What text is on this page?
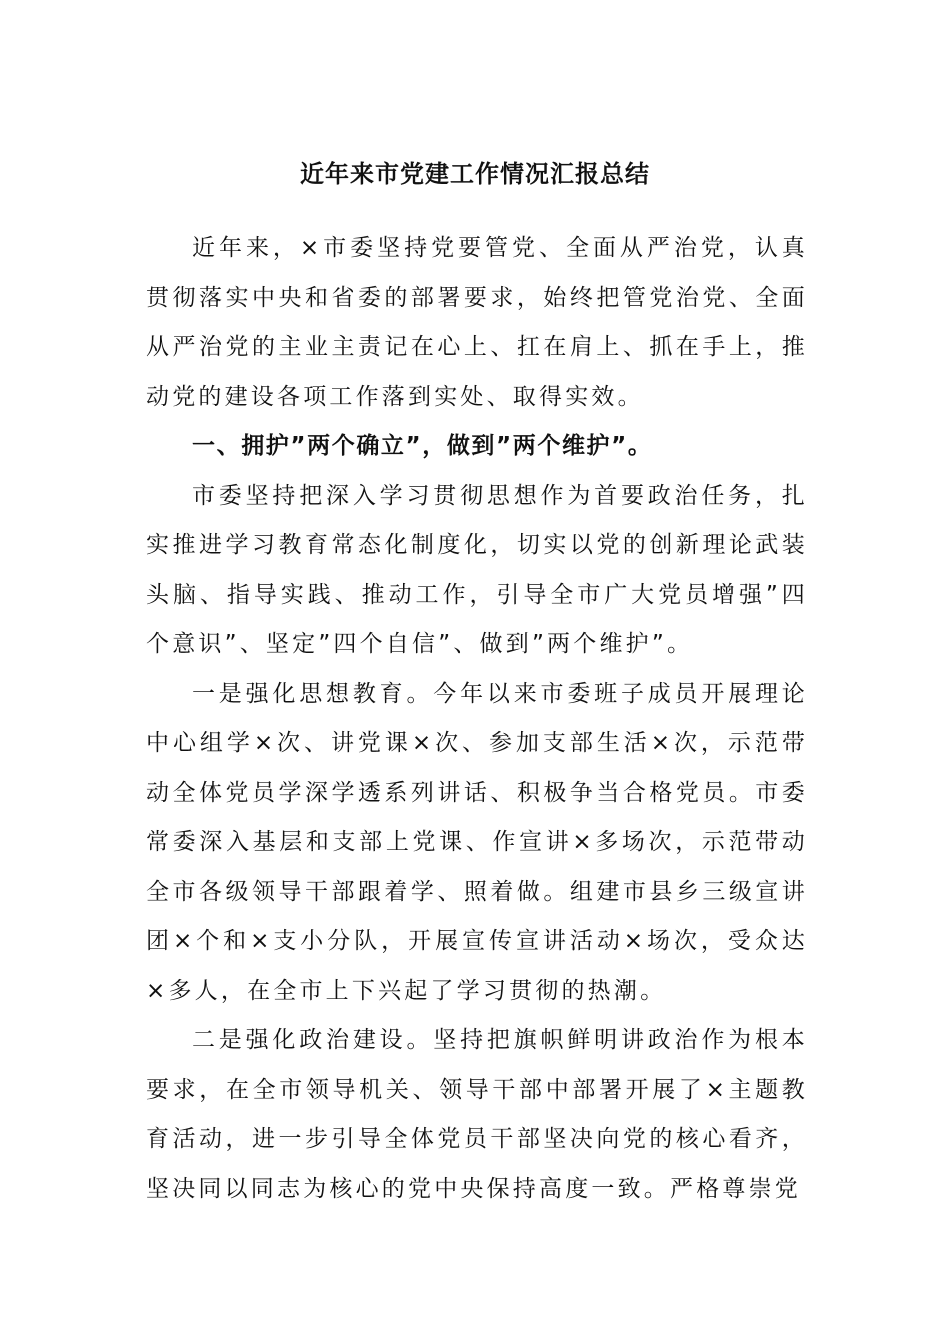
近年来市党建工作情况汇报总结

近年来，×市委坚持党要管党、全面从严治党，认真贯彻落实中央和省委的部署要求，始终把管党治党、全面从严治党的主业主责记在心上、扛在肩上、抓在手上，推动党的建设各项工作落到实处、取得实效。

一、拥护”两个确立”，做到”两个维护”。

市委坚持把深入学习贯彻思想作为首要政治任务，扎实推进学习教育常态化制度化，切实以党的创新理论武装头脑、指导实践、推动工作，引导全市广大党员增强”四个意识”、坚定”四个自信”、做到”两个维护”。

一是强化思想教育。今年以来市委班子成员开展理论中心组学×次、讲党课×次、参加支部生活×次，示范带动全体党员学深学透系列讲话、积极争当合格党员。市委常委深入基层和支部上党课、作宣讲×多场次，示范带动全市各级领导干部跟着学、照着做。组建市县乡三级宣讲团×个和×支小分队，开展宣传宣讲活动×场次，受众达×多人，在全市上下兴起了学习贯彻的热潮。

二是强化政治建设。坚持把旗帜鲜明讲政治作为根本要求，在全市领导机关、领导干部中部署开展了×主题教育活动，进一步引导全体党员干部坚决向党的核心看齐，坚决同以同志为核心的党中央保持高度一致。严格尊崇党
